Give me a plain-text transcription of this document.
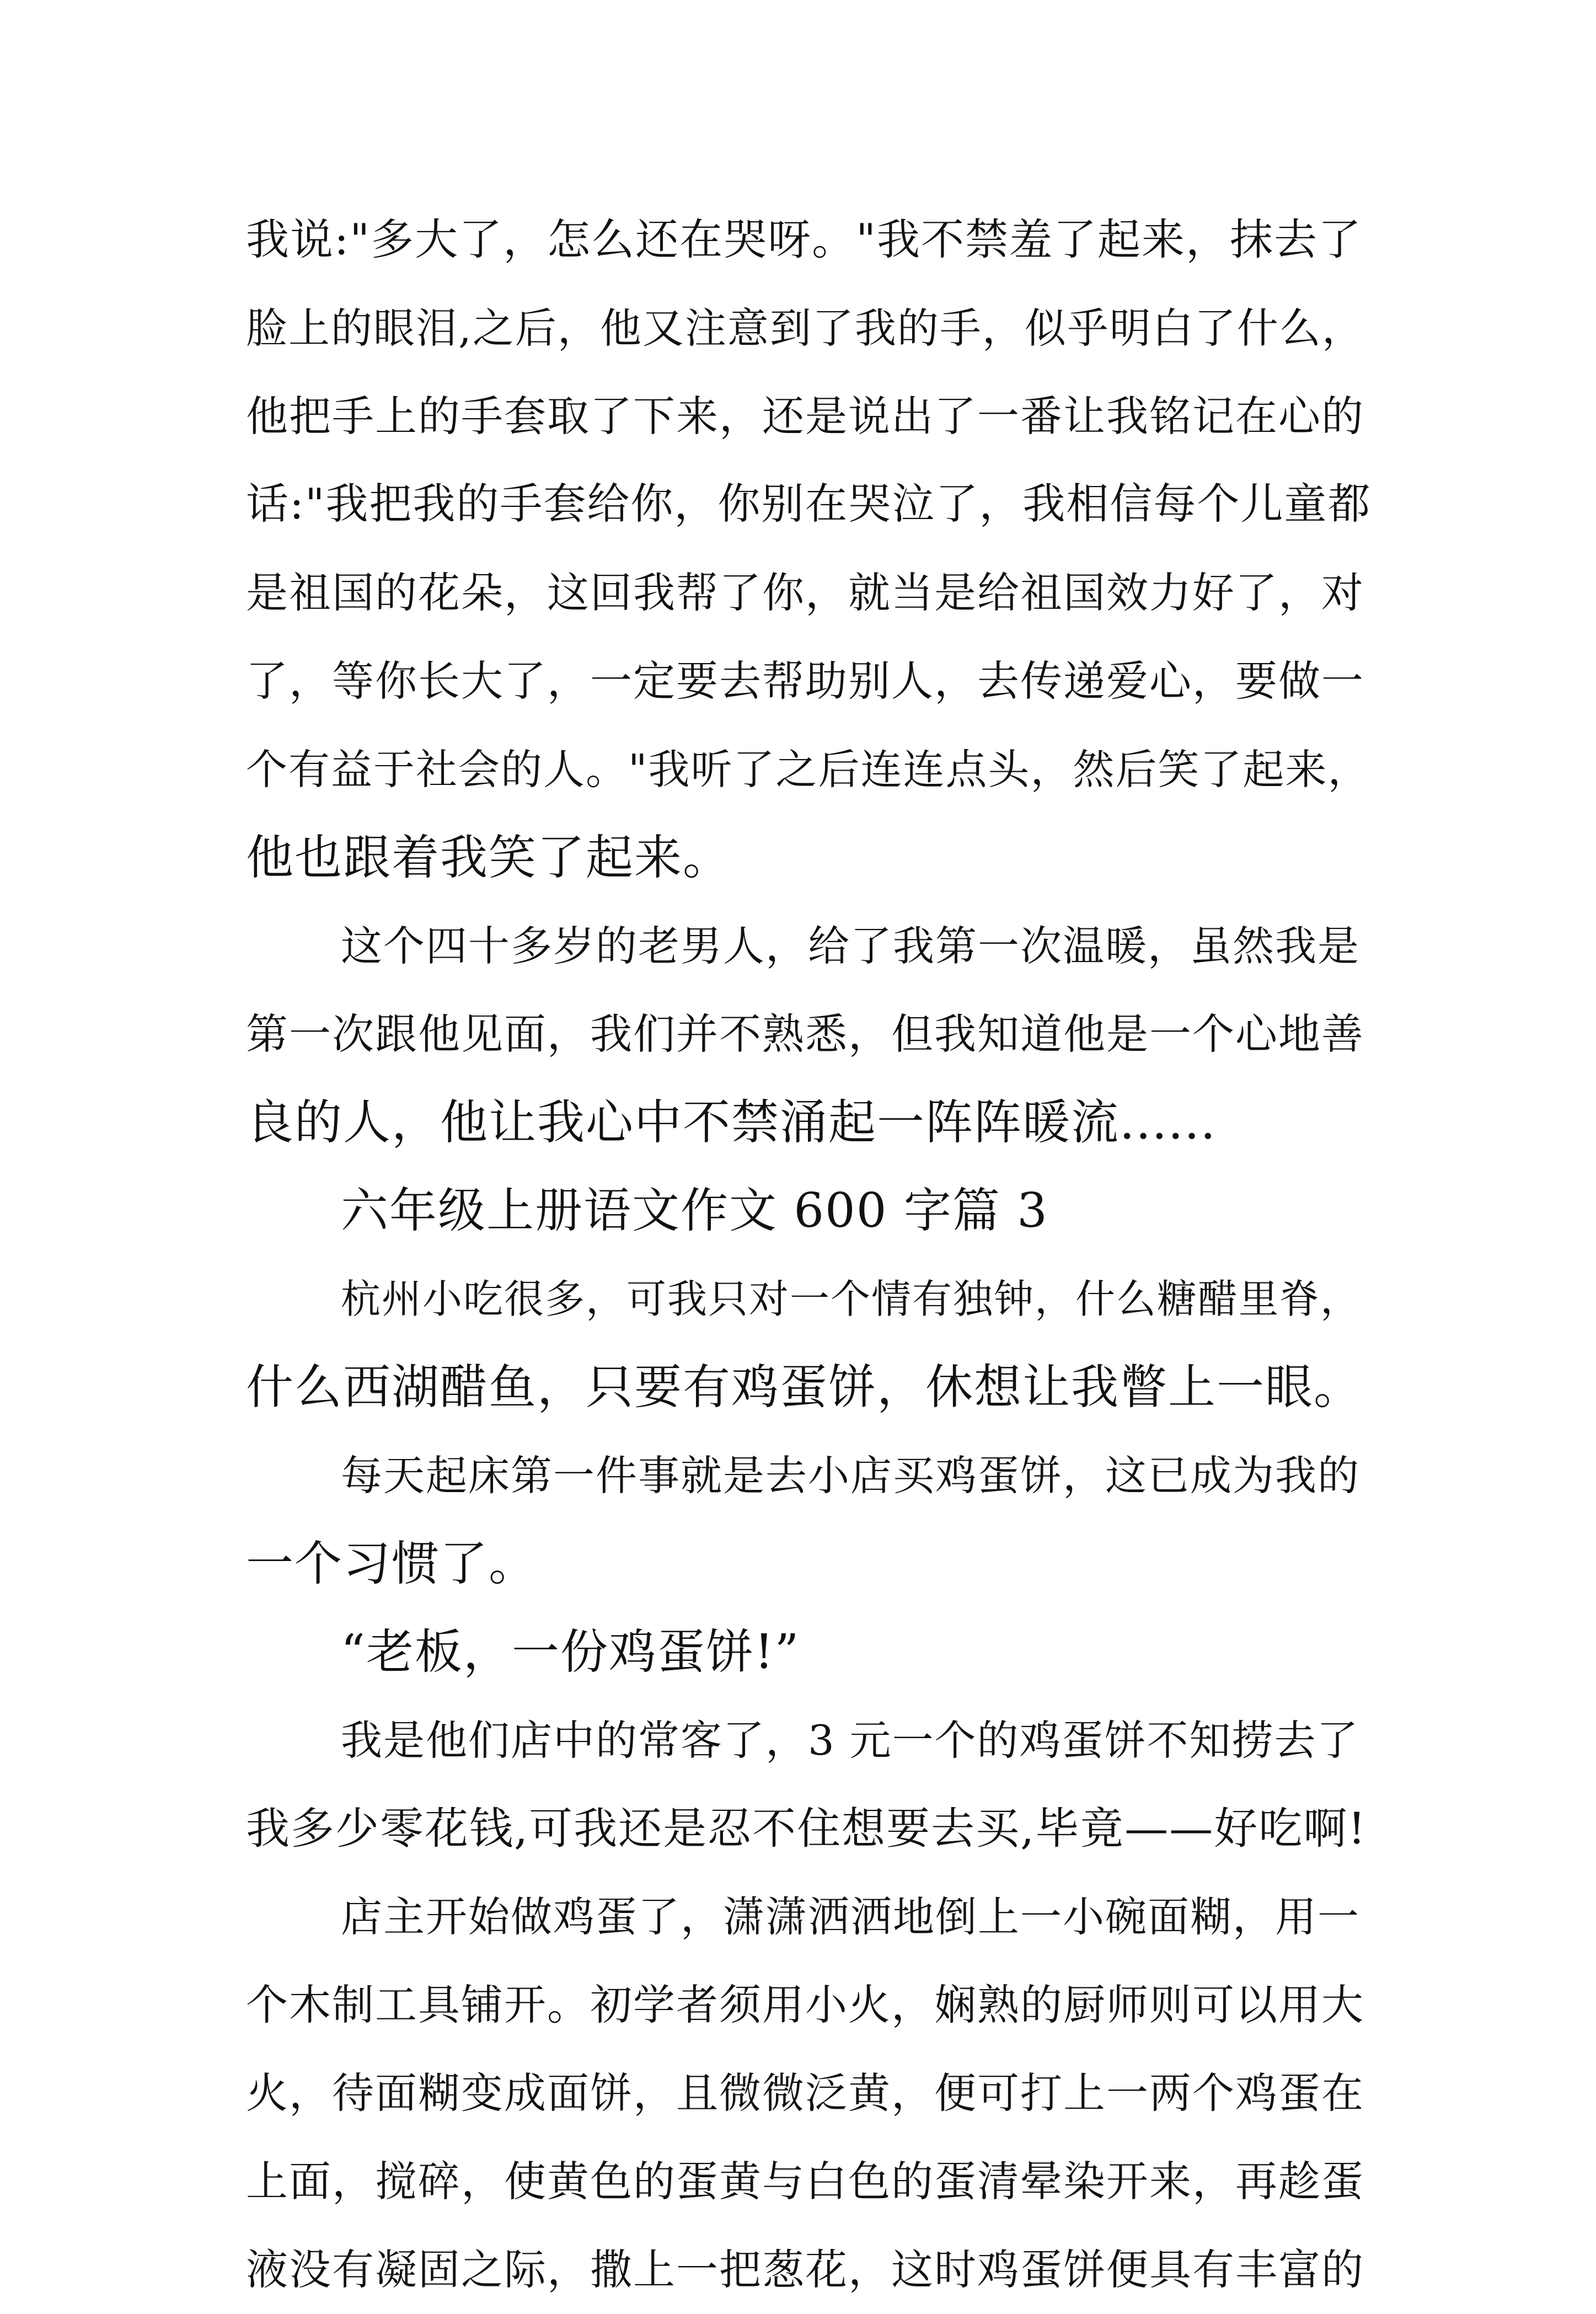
我说:"多大了，怎么还在哭呀。"我不禁羞了起来，抹去了
脸上的眼泪,之后，他又注意到了我的手，似乎明白了什么，
他把手上的手套取了下来，还是说出了一番让我铭记在心的
话:"我把我的手套给你，你别在哭泣了，我相信每个儿童都
是祖国的花朵，这回我帮了你，就当是给祖国效力好了，对
了，等你长大了，一定要去帮助别人，去传递爱心，要做一
个有益于社会的人。"我听了之后连连点头，然后笑了起来，
他也跟着我笑了起来。
这个四十多岁的老男人，给了我第一次温暖，虽然我是
第一次跟他见面，我们并不熟悉，但我知道他是一个心地善
良的人，他让我心中不禁涌起一阵阵暖流......
六年级上册语文作文 600 字篇 3
杭州小吃很多，可我只对一个情有独钟，什么糖醋里脊，
什么西湖醋鱼，只要有鸡蛋饼，休想让我瞥上一眼。
每天起床第一件事就是去小店买鸡蛋饼，这已成为我的
一个习惯了。
“老板，一份鸡蛋饼!”
我是他们店中的常客了，3 元一个的鸡蛋饼不知捞去了
我多少零花钱,可我还是忍不住想要去买,毕竟——好吃啊!
店主开始做鸡蛋了，潇潇洒洒地倒上一小碗面糊，用一
个木制工具铺开。初学者须用小火，娴熟的厨师则可以用大
火，待面糊变成面饼，且微微泛黄，便可打上一两个鸡蛋在
上面，搅碎，使黄色的蛋黄与白色的蛋清晕染开来，再趁蛋
液没有凝固之际，撒上一把葱花，这时鸡蛋饼便具有丰富的
